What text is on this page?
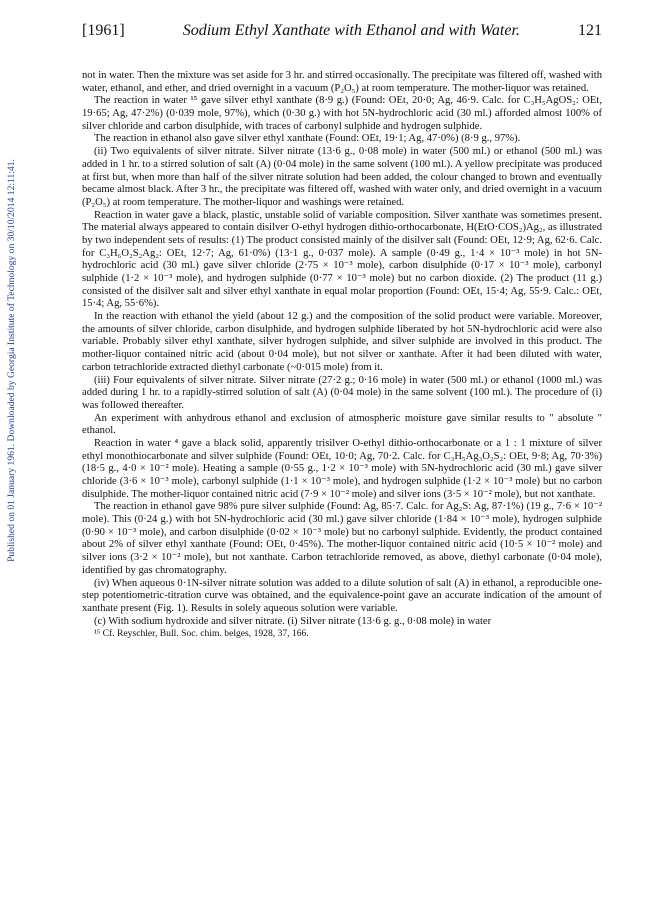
Published on 01 January 1961. Downloaded by Georgia Institute of Technology on 30/10/2014 12:11:41.
[1961]	Sodium Ethyl Xanthate with Ethanol and with Water.	121

not in water. Then the mixture was set aside for 3 hr. and stirred occasionally. The precipitate was filtered off, washed with water, ethanol, and ether, and dried overnight in a vacuum (P₂O₅) at room temperature. The mother-liquor was retained.

The reaction in water ¹⁵ gave silver ethyl xanthate (8·9 g.) (Found: OEt, 20·0; Ag, 46·9. Calc. for C₃H₅AgOS₂: OEt, 19·65; Ag, 47·2%) (0·039 mole, 97%), which (0·30 g.) with hot 5N-hydrochloric acid (30 ml.) afforded almost 100% of silver chloride and carbon disulphide, with traces of carbonyl sulphide and hydrogen sulphide.

The reaction in ethanol also gave silver ethyl xanthate (Found: OEt, 19·1; Ag, 47·0%) (8·9 g., 97%).

(ii) Two equivalents of silver nitrate. Silver nitrate (13·6 g., 0·08 mole) in water (500 ml.) or ethanol (500 ml.) was added in 1 hr. to a stirred solution of salt (A) (0·04 mole) in the same solvent (100 ml.). A yellow precipitate was produced at first but, when more than half of the silver nitrate solution had been added, the colour changed to brown and eventually became almost black. After 3 hr., the precipitate was filtered off, washed with water only, and dried overnight in a vacuum (P₂O₅) at room temperature. The mother-liquor and washings were retained.

Reaction in water gave a black, plastic, unstable solid of variable composition. Silver xanthate was sometimes present. The material always appeared to contain disilver O-ethyl hydrogen dithio-orthocarbonate, H(EtO·COS₂)Ag₂, as illustrated by two independent sets of results: (1) The product consisted mainly of the disilver salt (Found: OEt, 12·9; Ag, 62·6. Calc. for C₃H₆O₂S₂Ag₂: OEt, 12·7; Ag, 61·0%) (13·1 g., 0·037 mole). A sample (0·49 g., 1·4 × 10⁻³ mole) in hot 5N-hydrochloric acid (30 ml.) gave silver chloride (2·75 × 10⁻³ mole), carbon disulphide (0·17 × 10⁻³ mole), carbonyl sulphide (1·2 × 10⁻³ mole), and hydrogen sulphide (0·77 × 10⁻³ mole) but no carbon dioxide. (2) The product (11 g.) consisted of the disilver salt and silver ethyl xanthate in equal molar proportion (Found: OEt, 15·4; Ag, 55·9. Calc.: OEt, 15·4; Ag, 55·6%).

In the reaction with ethanol the yield (about 12 g.) and the composition of the solid product were variable. Moreover, the amounts of silver chloride, carbon disulphide, and hydrogen sulphide liberated by hot 5N-hydrochloric acid were also variable. Probably silver ethyl xanthate, silver hydrogen sulphide, and silver sulphide are involved in this product. The mother-liquor contained nitric acid (about 0·04 mole), but not silver or xanthate. After it had been diluted with water, carbon tetrachloride extracted diethyl carbonate (~0·015 mole) from it.

(iii) Four equivalents of silver nitrate. Silver nitrate (27·2 g.; 0·16 mole) in water (500 ml.) or ethanol (1000 ml.) was added during 1 hr. to a rapidly-stirred solution of salt (A) (0·04 mole) in the same solvent (100 ml.). The procedure of (i) was followed thereafter.

An experiment with anhydrous ethanol and exclusion of atmospheric moisture gave similar results to " absolute " ethanol.

Reaction in water ⁴ gave a black solid, apparently trisilver O-ethyl dithio-orthocarbonate or a 1 : 1 mixture of silver ethyl monothiocarbonate and silver sulphide (Found: OEt, 10·0; Ag, 70·2. Calc. for C₃H₅Ag₃O₂S₂: OEt, 9·8; Ag, 70·3%) (18·5 g., 4·0 × 10⁻² mole). Heating a sample (0·55 g., 1·2 × 10⁻³ mole) with 5N-hydrochloric acid (30 ml.) gave silver chloride (3·6 × 10⁻³ mole), carbonyl sulphide (1·1 × 10⁻³ mole), and hydrogen sulphide (1·2 × 10⁻³ mole) but no carbon disulphide. The mother-liquor contained nitric acid (7·9 × 10⁻² mole) and silver ions (3·5 × 10⁻² mole), but not xanthate.

The reaction in ethanol gave 98% pure silver sulphide (Found: Ag, 85·7. Calc. for Ag₂S: Ag, 87·1%) (19 g., 7·6 × 10⁻² mole). This (0·24 g.) with hot 5N-hydrochloric acid (30 ml.) gave silver chloride (1·84 × 10⁻³ mole), hydrogen sulphide (0·90 × 10⁻³ mole), and carbon disulphide (0·02 × 10⁻³ mole) but no carbonyl sulphide. Evidently, the product contained about 2% of silver ethyl xanthate (Found: OEt, 0·45%). The mother-liquor contained nitric acid (10·5 × 10⁻² mole) and silver ions (3·2 × 10⁻² mole), but not xanthate. Carbon tetrachloride removed, as above, diethyl carbonate (0·04 mole), identified by gas chromatography.

(iv) When aqueous 0·1N-silver nitrate solution was added to a dilute solution of salt (A) in ethanol, a reproducible one-step potentiometric-titration curve was obtained, and the equivalence-point gave an accurate indication of the amount of xanthate present (Fig. 1). Results in solely aqueous solution were variable.

(c) With sodium hydroxide and silver nitrate. (i) Silver nitrate (13·6 g. g., 0·08 mole) in water

¹⁵ Cf. Reyschler, Bull. Soc. chim. belges, 1928, 37, 166.
